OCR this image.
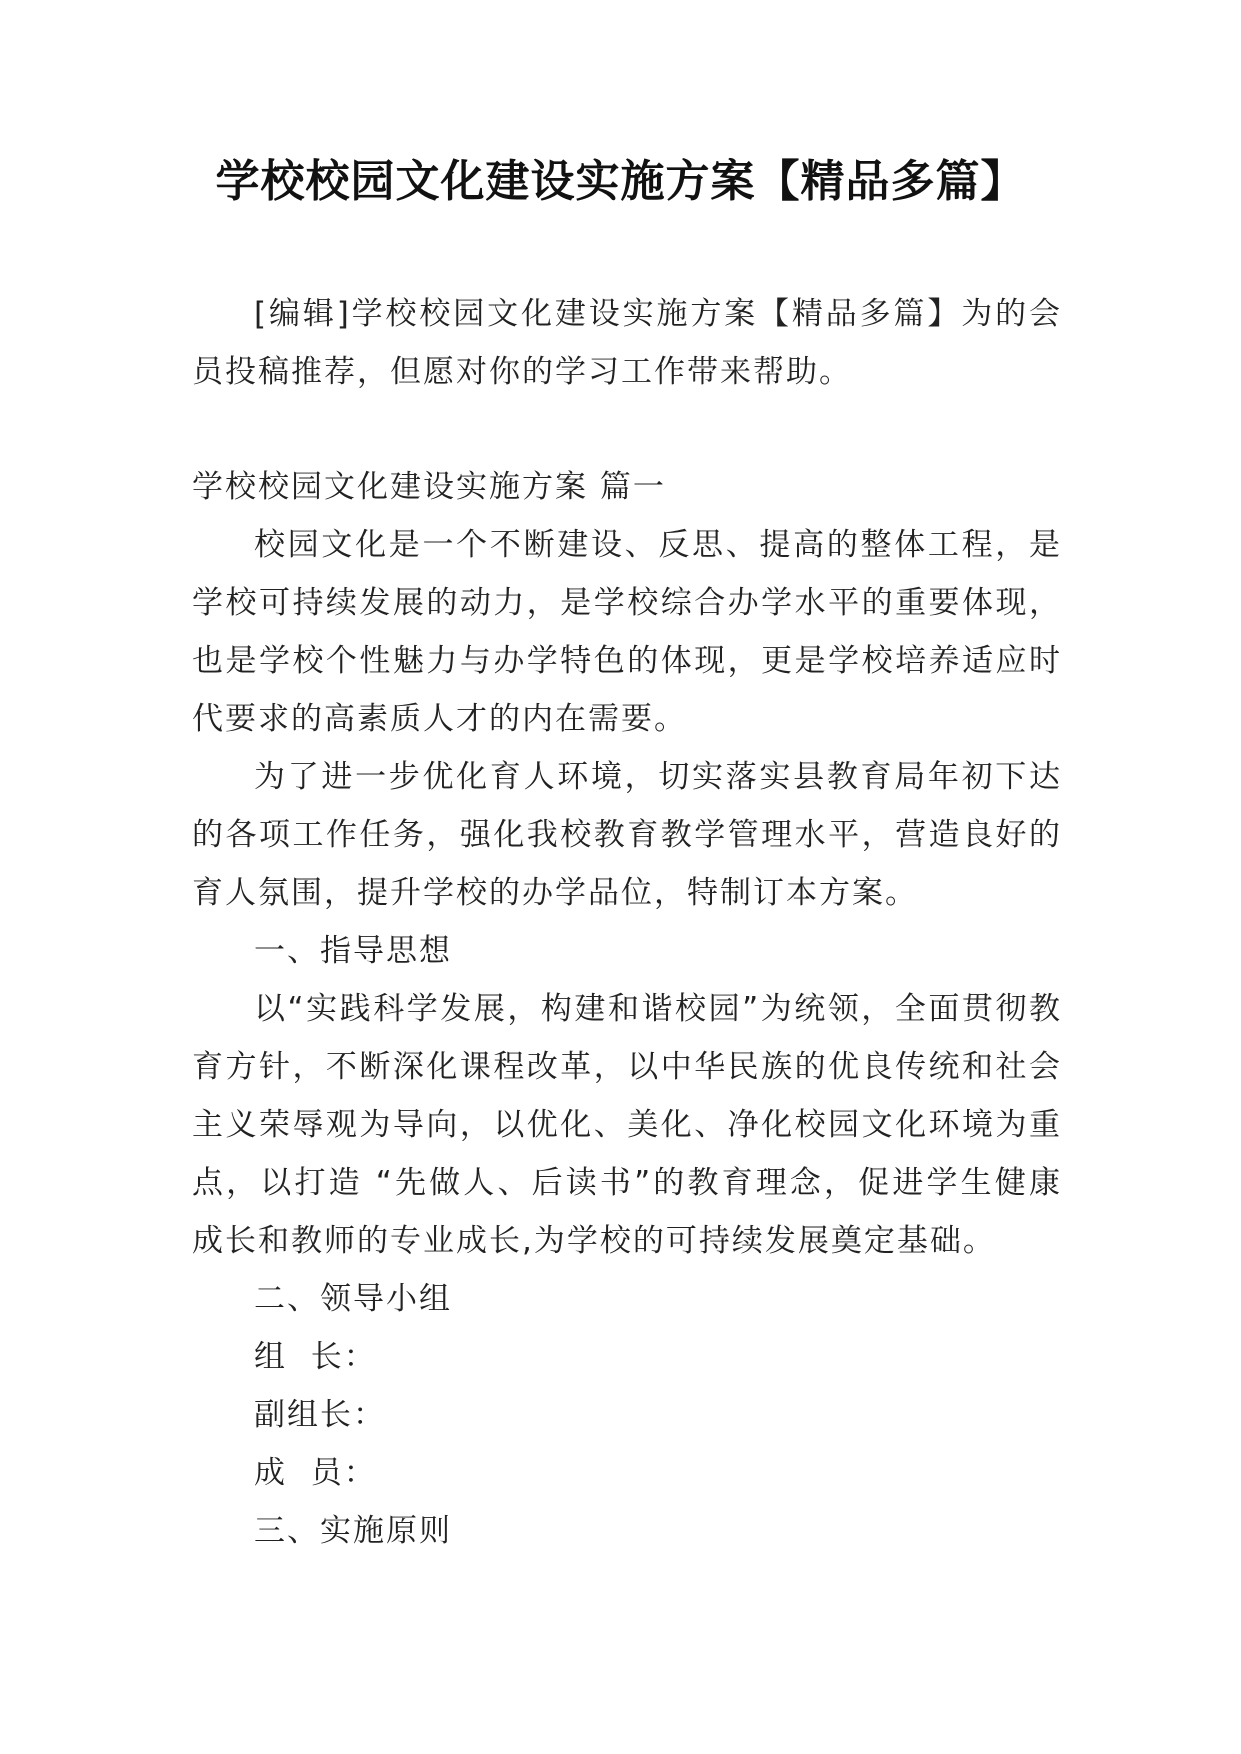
学校校园文化建设实施方案【精品多篇】

[编辑]学校校园文化建设实施方案【精品多篇】为的会员投稿推荐，但愿对你的学习工作带来帮助。

学校校园文化建设实施方案 篇一

校园文化是一个不断建设、反思、提高的整体工程，是学校可持续发展的动力，是学校综合办学水平的重要体现，也是学校个性魅力与办学特色的体现，更是学校培养适应时代要求的高素质人才的内在需要。

为了进一步优化育人环境，切实落实县教育局年初下达的各项工作任务，强化我校教育教学管理水平，营造良好的育人氛围，提升学校的办学品位，特制订本方案。

一、指导思想

以“实践科学发展，构建和谐校园”为统领，全面贯彻教育方针，不断深化课程改革，以中华民族的优良传统和社会主义荣辱观为导向，以优化、美化、净化校园文化环境为重点，以打造 “先做人、后读书”的教育理念，促进学生健康成长和教师的专业成长,为学校的可持续发展奠定基础。

二、领导小组

组  长：

副组长：

成  员：

三、实施原则
